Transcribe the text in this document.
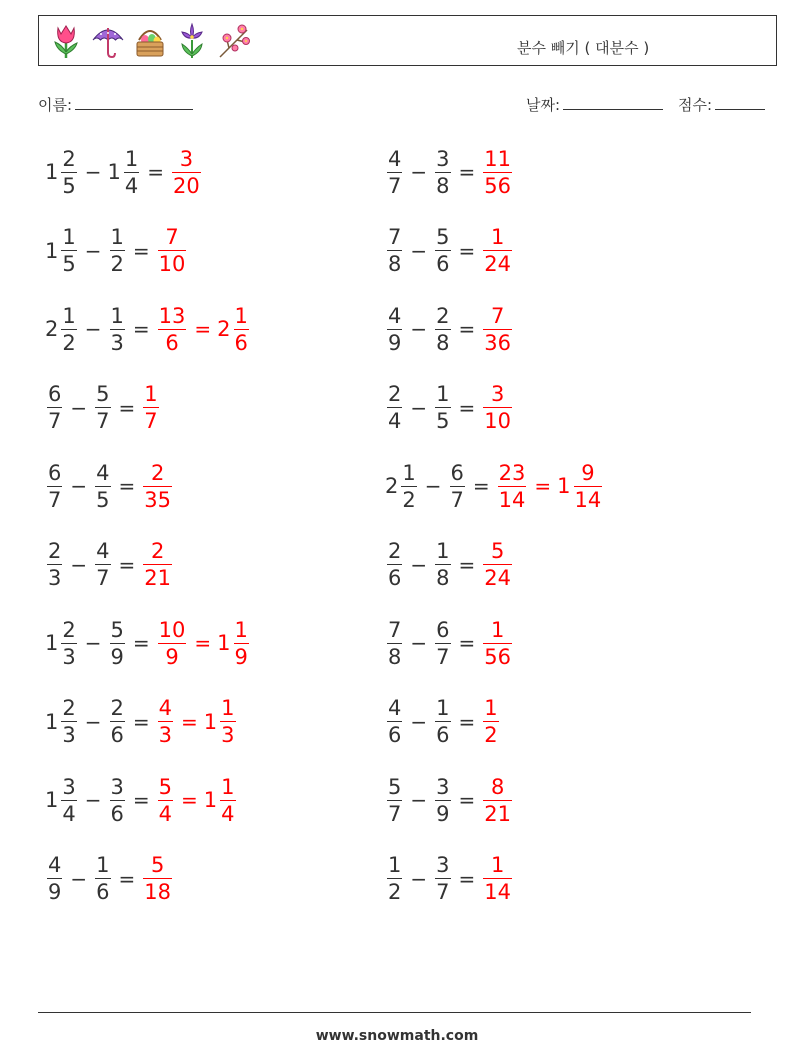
분수 빼기 ( 대분수 )
이름:	날짜:	점수:
$1 \frac{2}{5} - 1 \frac{1}{4} = \frac{3}{20}$	$\frac{4}{7} - \frac{3}{8} = \frac{11}{56}$
$1 \frac{1}{5} - \frac{1}{2} = \frac{7}{10}$	$\frac{7}{8} - \frac{5}{6} = \frac{1}{24}$
$2 \frac{1}{2} - \frac{1}{3} = \frac{13}{6} = 2 \frac{1}{6}$	$\frac{4}{9} - \frac{2}{8} = \frac{7}{36}$
$\frac{6}{7} - \frac{5}{7} = \frac{1}{7}$	$\frac{2}{4} - \frac{1}{5} = \frac{3}{10}$
$\frac{6}{7} - \frac{4}{5} = \frac{2}{35}$	$2 \frac{1}{2} - \frac{6}{7} = \frac{23}{14} = 1 \frac{9}{14}$
$\frac{2}{3} - \frac{4}{7} = \frac{2}{21}$	$\frac{2}{6} - \frac{1}{8} = \frac{5}{24}$
$1 \frac{2}{3} - \frac{5}{9} = \frac{10}{9} = 1 \frac{1}{9}$	$\frac{7}{8} - \frac{6}{7} = \frac{1}{56}$
$1 \frac{2}{3} - \frac{2}{6} = \frac{4}{3} = 1 \frac{1}{3}$	$\frac{4}{6} - \frac{1}{6} = \frac{1}{2}$
$1 \frac{3}{4} - \frac{3}{6} = \frac{5}{4} = 1 \frac{1}{4}$	$\frac{5}{7} - \frac{3}{9} = \frac{8}{21}$
$\frac{4}{9} - \frac{1}{6} = \frac{5}{18}$	$\frac{1}{2} - \frac{3}{7} = \frac{1}{14}$
www.snowmath.com
